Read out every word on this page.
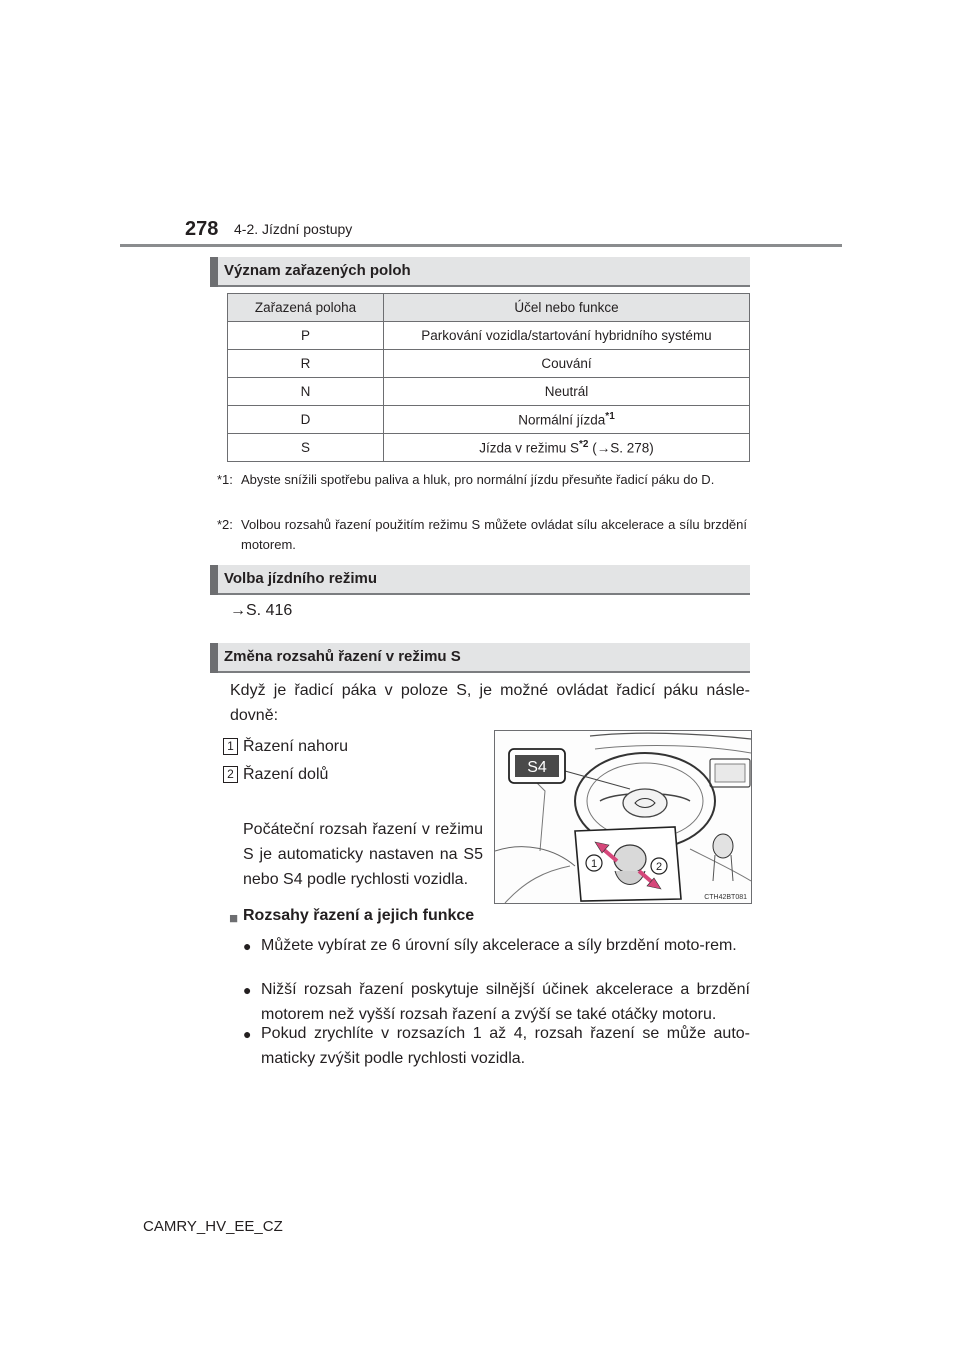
278 4-2. Jízdní postupy
Význam zařazených poloh
Zařazená poloha	Účel nebo funkce
P	Parkování vozidla/startování hybridního systému
R	Couvání
N	Neutrál
D	Normální jízda$^{*1}$
S	Jízda v režimu $S^{*2}$ (→S. 278)
*1: Abyste snížili spotřebu paliva a hluk, pro normální jízdu přesuňte řadicí páku do D.
*2: Volbou rozsahů řazení použitím režimu S můžete ovládat sílu akcelerace a sílu brzdění motorem.
Volba jízdního režimu
→S. 416
Změna rozsahů řazení v režimu S
Když je řadicí páka v poloze S, je možné ovládat řadicí páku násle-dovně:
1 Řazení nahoru
2 Řazení dolů
Počáteční rozsah řazení v režimu S je automaticky nastaven na S5 nebo S4 podle rychlosti vozidla.
S4
1	2
CTH42BT081
■ Rozsahy řazení a jejich funkce
● Můžete vybírat ze 6 úrovní síly akcelerace a síly brzdění moto-rem.
● Nižší rozsah řazení poskytuje silnější účinek akcelerace a brzdění motorem než vyšší rozsah řazení a zvýší se také otáčky motoru.
● Pokud zrychlíte v rozsazích 1 až 4, rozsah řazení se může auto-maticky zvýšit podle rychlosti vozidla.
CAMRY_HV_EE_CZ
